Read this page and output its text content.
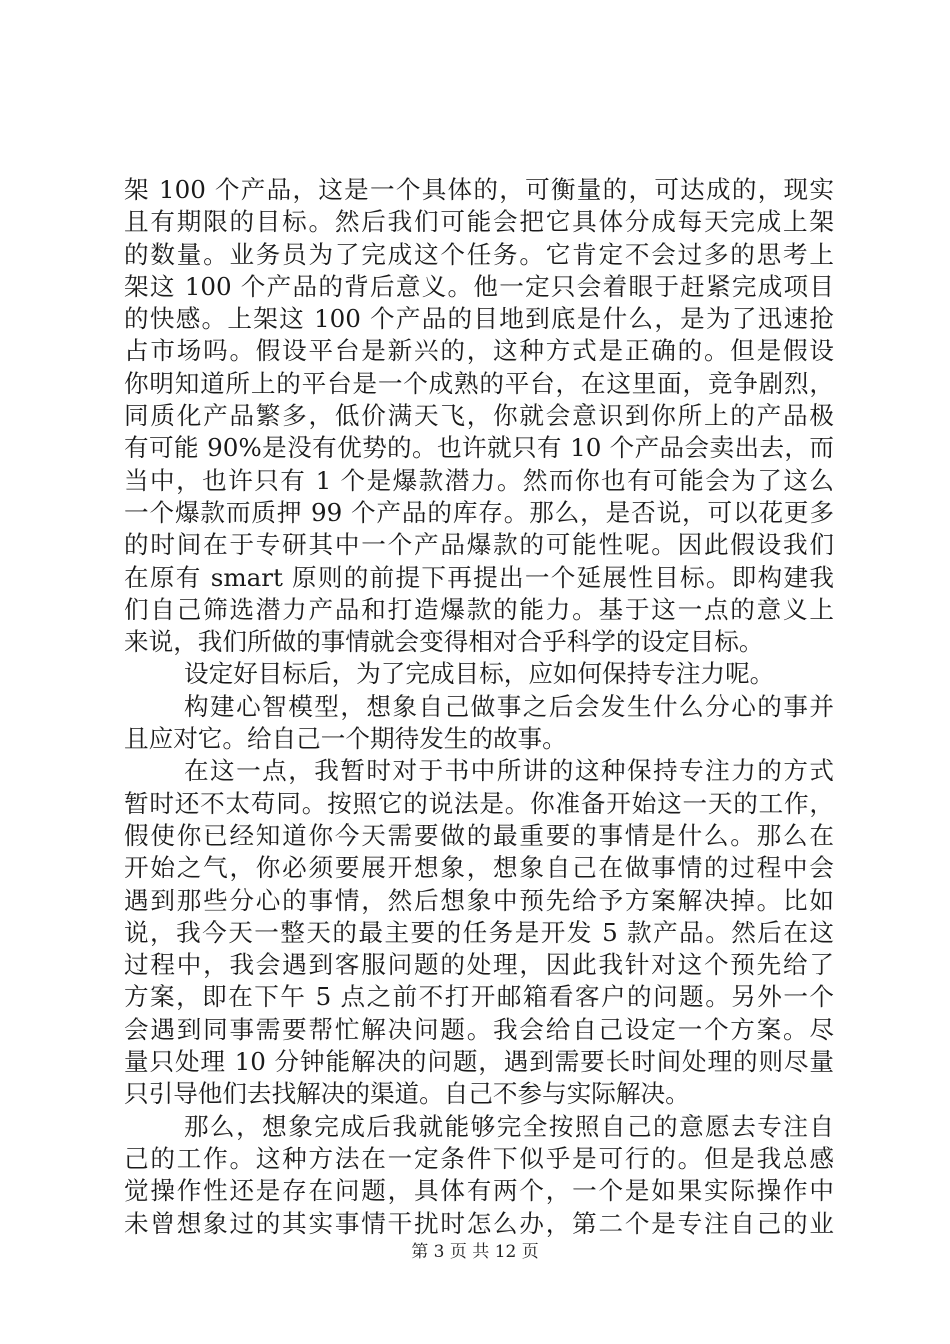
架 100 个产品，这是一个具体的，可衡量的，可达成的，现实
且有期限的目标。然后我们可能会把它具体分成每天完成上架
的数量。业务员为了完成这个任务。它肯定不会过多的思考上
架这 100 个产品的背后意义。他一定只会着眼于赶紧完成项目
的快感。上架这 100 个产品的目地到底是什么，是为了迅速抢
占市场吗。假设平台是新兴的，这种方式是正确的。但是假设
你明知道所上的平台是一个成熟的平台，在这里面，竞争剧烈，
同质化产品繁多，低价满天飞，你就会意识到你所上的产品极
有可能 90%是没有优势的。也许就只有 10 个产品会卖出去，而
当中，也许只有 1 个是爆款潜力。然而你也有可能会为了这么
一个爆款而质押 99 个产品的库存。那么，是否说，可以花更多
的时间在于专研其中一个产品爆款的可能性呢。因此假设我们
在原有 smart 原则的前提下再提出一个延展性目标。即构建我
们自己筛选潜力产品和打造爆款的能力。基于这一点的意义上
来说，我们所做的事情就会变得相对合乎科学的设定目标。
设定好目标后，为了完成目标，应如何保持专注力呢。
构建心智模型，想象自己做事之后会发生什么分心的事并
且应对它。给自己一个期待发生的故事。
在这一点，我暂时对于书中所讲的这种保持专注力的方式
暂时还不太苟同。按照它的说法是。你准备开始这一天的工作，
假使你已经知道你今天需要做的最重要的事情是什么。那么在
开始之气，你必须要展开想象，想象自己在做事情的过程中会
遇到那些分心的事情，然后想象中预先给予方案解决掉。比如
说，我今天一整天的最主要的任务是开发 5 款产品。然后在这
过程中，我会遇到客服问题的处理，因此我针对这个预先给了
方案，即在下午 5 点之前不打开邮箱看客户的问题。另外一个
会遇到同事需要帮忙解决问题。我会给自己设定一个方案。尽
量只处理 10 分钟能解决的问题，遇到需要长时间处理的则尽量
只引导他们去找解决的渠道。自己不参与实际解决。
那么，想象完成后我就能够完全按照自己的意愿去专注自
己的工作。这种方法在一定条件下似乎是可行的。但是我总感
觉操作性还是存在问题，具体有两个，一个是如果实际操作中
未曾想象过的其实事情干扰时怎么办，第二个是专注自己的业
第 3 页 共 12 页
